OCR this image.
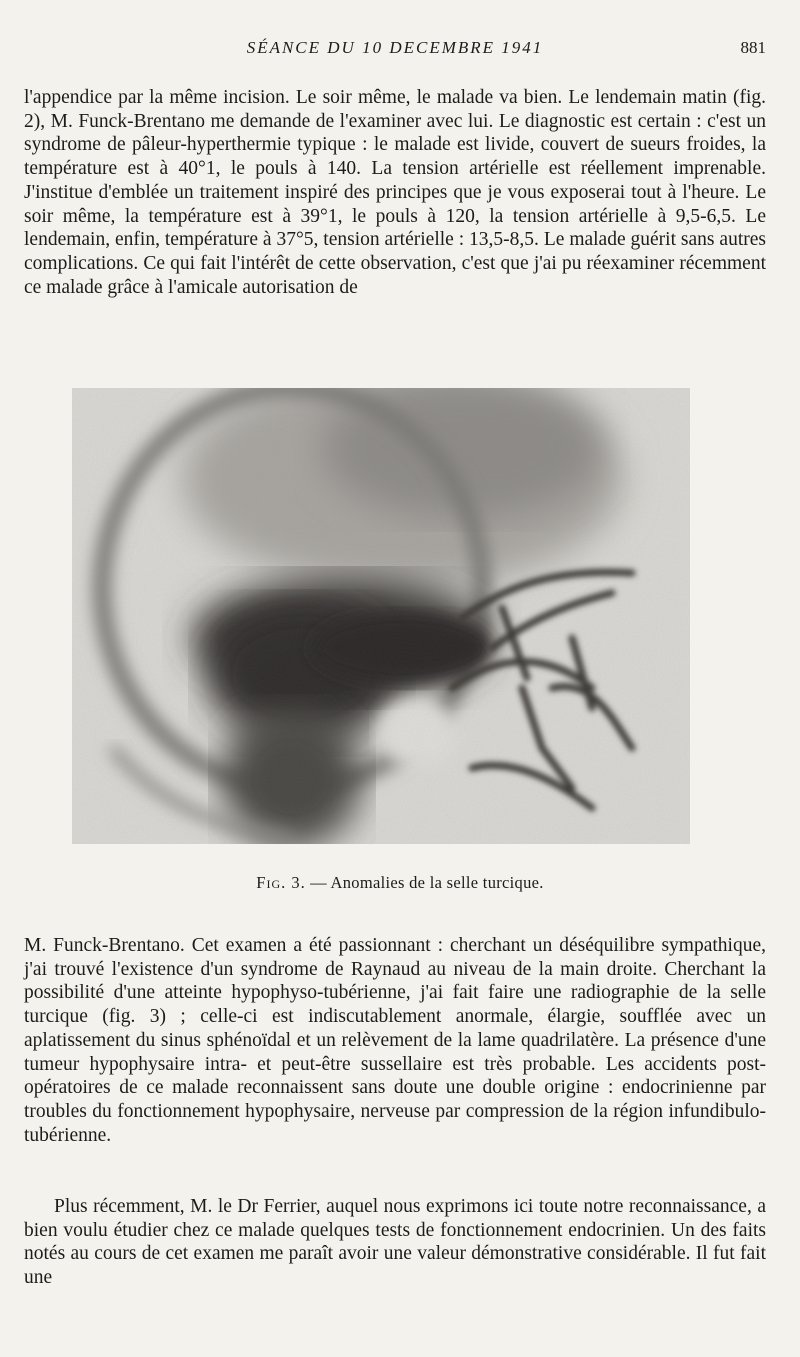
SÉANCE DU 10 DECEMBRE 1941	881

l'appendice par la même incision. Le soir même, le malade va bien. Le lendemain matin (fig. 2), M. Funck-Brentano me demande de l'examiner avec lui. Le diagnostic est certain : c'est un syndrome de pâleur-hyperthermie typique : le malade est livide, couvert de sueurs froides, la température est à 40°1, le pouls à 140. La tension artérielle est réellement imprenable. J'institue d'emblée un traitement inspiré des principes que je vous exposerai tout à l'heure. Le soir même, la température est à 39°1, le pouls à 120, la tension artérielle à 9,5-6,5. Le lendemain, enfin, température à 37°5, tension artérielle : 13,5-8,5. Le malade guérit sans autres complications. Ce qui fait l'intérêt de cette observation, c'est que j'ai pu réexaminer récemment ce malade grâce à l'amicale autorisation de

Fig. 3. — Anomalies de la selle turcique.

M. Funck-Brentano. Cet examen a été passionnant : cherchant un déséquilibre sympathique, j'ai trouvé l'existence d'un syndrome de Raynaud au niveau de la main droite. Cherchant la possibilité d'une atteinte hypophyso-tubérienne, j'ai fait faire une radiographie de la selle turcique (fig. 3) ; celle-ci est indiscutablement anormale, élargie, soufflée avec un aplatissement du sinus sphénoïdal et un relèvement de la lame quadrilatère. La présence d'une tumeur hypophysaire intra- et peut-être sussellaire est très probable. Les accidents post-opératoires de ce malade reconnaissent sans doute une double origine : endocrinienne par troubles du fonctionnement hypophysaire, nerveuse par compression de la région infundibulo-tubérienne.

Plus récemment, M. le Dr Ferrier, auquel nous exprimons ici toute notre reconnaissance, a bien voulu étudier chez ce malade quelques tests de fonctionnement endocrinien. Un des faits notés au cours de cet examen me paraît avoir une valeur démonstrative considérable. Il fut fait une
